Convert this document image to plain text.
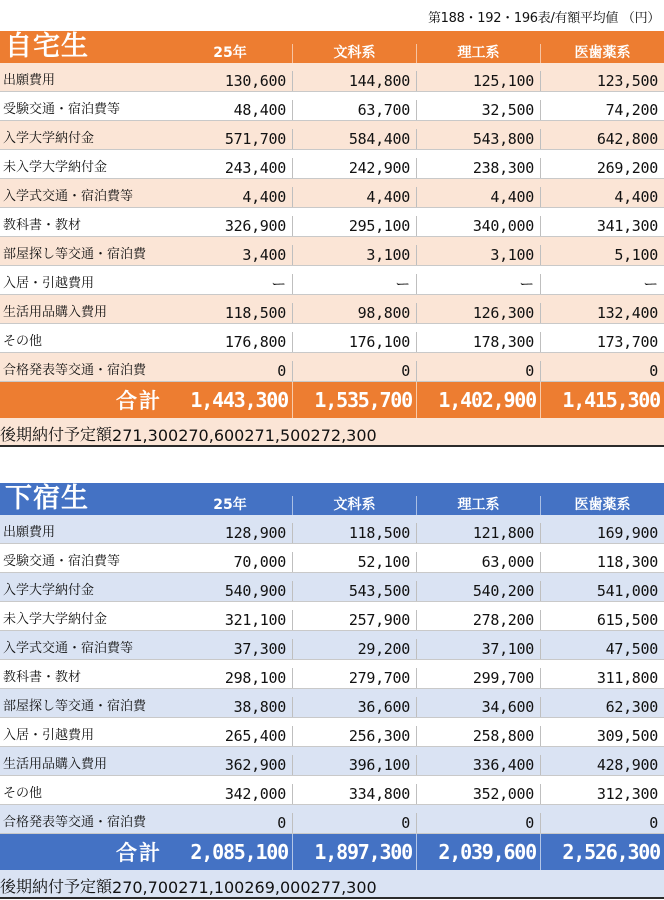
第188・192・196表/有額平均値 （円）
自宅生	25年	文科系	理工系	医歯薬系
出願費用	130,600	144,800	125,100	123,500
受験交通・宿泊費等	48,400	63,700	32,500	74,200
入学大学納付金	571,700	584,400	543,800	642,800
未入学大学納付金	243,400	242,900	238,300	269,200
入学式交通・宿泊費等	4,400	4,400	4,400	4,400
教科書・教材	326,900	295,100	340,000	341,300
部屋探し等交通・宿泊費	3,400	3,100	3,100	5,100
入居・引越費用	ー	ー	ー	ー
生活用品購入費用	118,500	98,800	126,300	132,400
その他	176,800	176,100	178,300	173,700
合格発表等交通・宿泊費	0	0	0	0
合計	1,443,300	1,535,700	1,402,900	1,415,300
後期納付予定額 271,300 270,600 271,500 272,300
下宿生	25年	文科系	理工系	医歯薬系
出願費用	128,900	118,500	121,800	169,900
受験交通・宿泊費等	70,000	52,100	63,000	118,300
入学大学納付金	540,900	543,500	540,200	541,000
未入学大学納付金	321,100	257,900	278,200	615,500
入学式交通・宿泊費等	37,300	29,200	37,100	47,500
教科書・教材	298,100	279,700	299,700	311,800
部屋探し等交通・宿泊費	38,800	36,600	34,600	62,300
入居・引越費用	265,400	256,300	258,800	309,500
生活用品購入費用	362,900	396,100	336,400	428,900
その他	342,000	334,800	352,000	312,300
合格発表等交通・宿泊費	0	0	0	0
合計	2,085,100	1,897,300	2,039,600	2,526,300
後期納付予定額 270,700 271,100 269,000 277,300
